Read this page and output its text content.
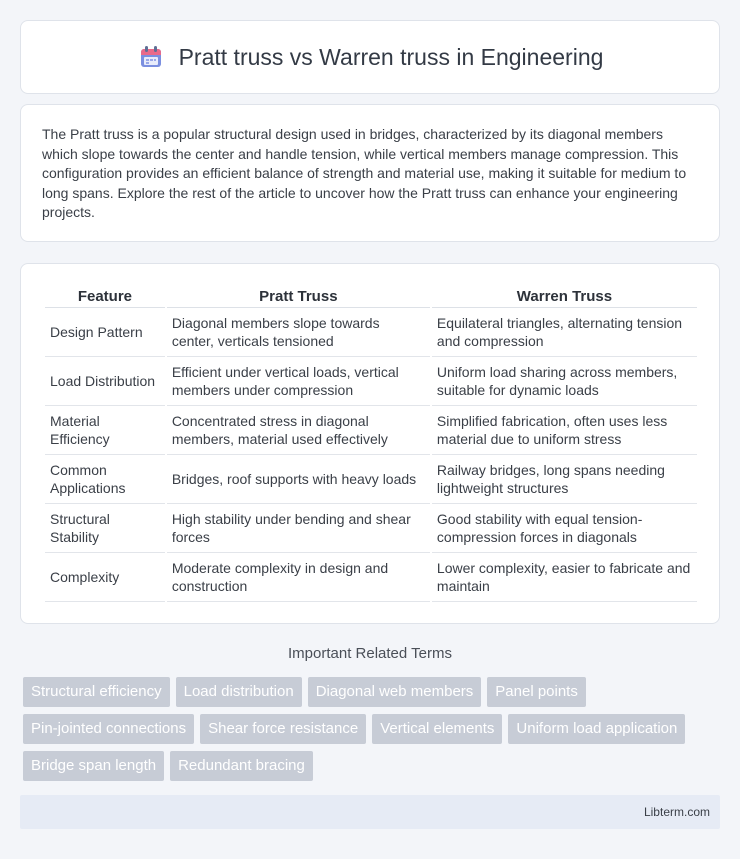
Pratt truss vs Warren truss in Engineering

The Pratt truss is a popular structural design used in bridges, characterized by its diagonal members which slope towards the center and handle tension, while vertical members manage compression. This configuration provides an efficient balance of strength and material use, making it suitable for medium to long spans. Explore the rest of the article to uncover how the Pratt truss can enhance your engineering projects.

Feature	Pratt Truss	Warren Truss
Design Pattern	Diagonal members slope towards center, verticals tensioned	Equilateral triangles, alternating tension and compression
Load Distribution	Efficient under vertical loads, vertical members under compression	Uniform load sharing across members, suitable for dynamic loads
Material Efficiency	Concentrated stress in diagonal members, material used effectively	Simplified fabrication, often uses less material due to uniform stress
Common Applications	Bridges, roof supports with heavy loads	Railway bridges, long spans needing lightweight structures
Structural Stability	High stability under bending and shear forces	Good stability with equal tension-compression forces in diagonals
Complexity	Moderate complexity in design and construction	Lower complexity, easier to fabricate and maintain
Important Related Terms
Structural efficiency	Load distribution	Diagonal web members	Panel points
Pin-jointed connections	Shear force resistance	Vertical elements	Uniform load application
Bridge span length	Redundant bracing
Libterm.com
